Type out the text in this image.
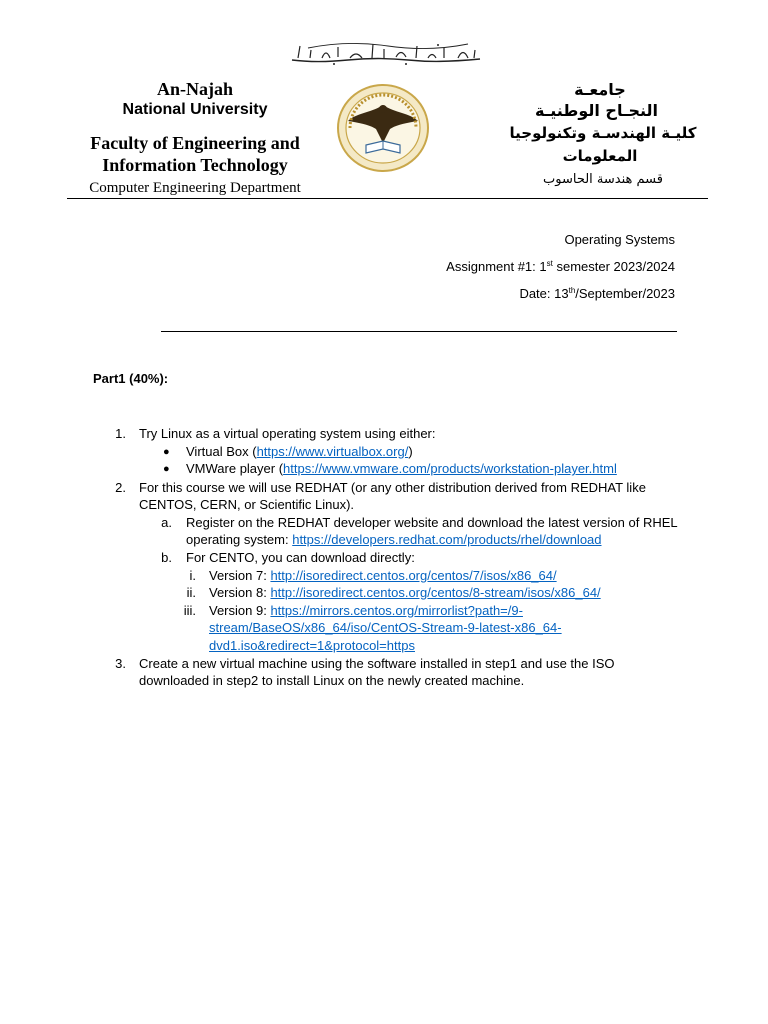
An-Najah
National University
Faculty of Engineering and
Information Technology
Computer Engineering Department
جامعـة
النجـاح الوطنيـة
كليـة الهندسـة وتكنولوجيا
المعلومات
قسم هندسة الحاسوب
Operating Systems
Assignment #1: 1st semester 2023/2024
Date: 13th/September/2023
Part1 (40%):
1. Try Linux as a virtual operating system using either:
● Virtual Box (https://www.virtualbox.org/)
● VMWare player (https://www.vmware.com/products/workstation-player.html
2. For this course we will use REDHAT (or any other distribution derived from REDHAT like
CENTOS, CERN, or Scientific Linux).
a. Register on the REDHAT developer website and download the latest version of RHEL
operating system: https://developers.redhat.com/products/rhel/download
b. For CENTO, you can download directly:
i. Version 7: http://isoredirect.centos.org/centos/7/isos/x86_64/
ii. Version 8: http://isoredirect.centos.org/centos/8-stream/isos/x86_64/
iii. Version 9: https://mirrors.centos.org/mirrorlist?path=/9-
stream/BaseOS/x86_64/iso/CentOS-Stream-9-latest-x86_64-
dvd1.iso&redirect=1&protocol=https
3. Create a new virtual machine using the software installed in step1 and use the ISO
downloaded in step2 to install Linux on the newly created machine.
